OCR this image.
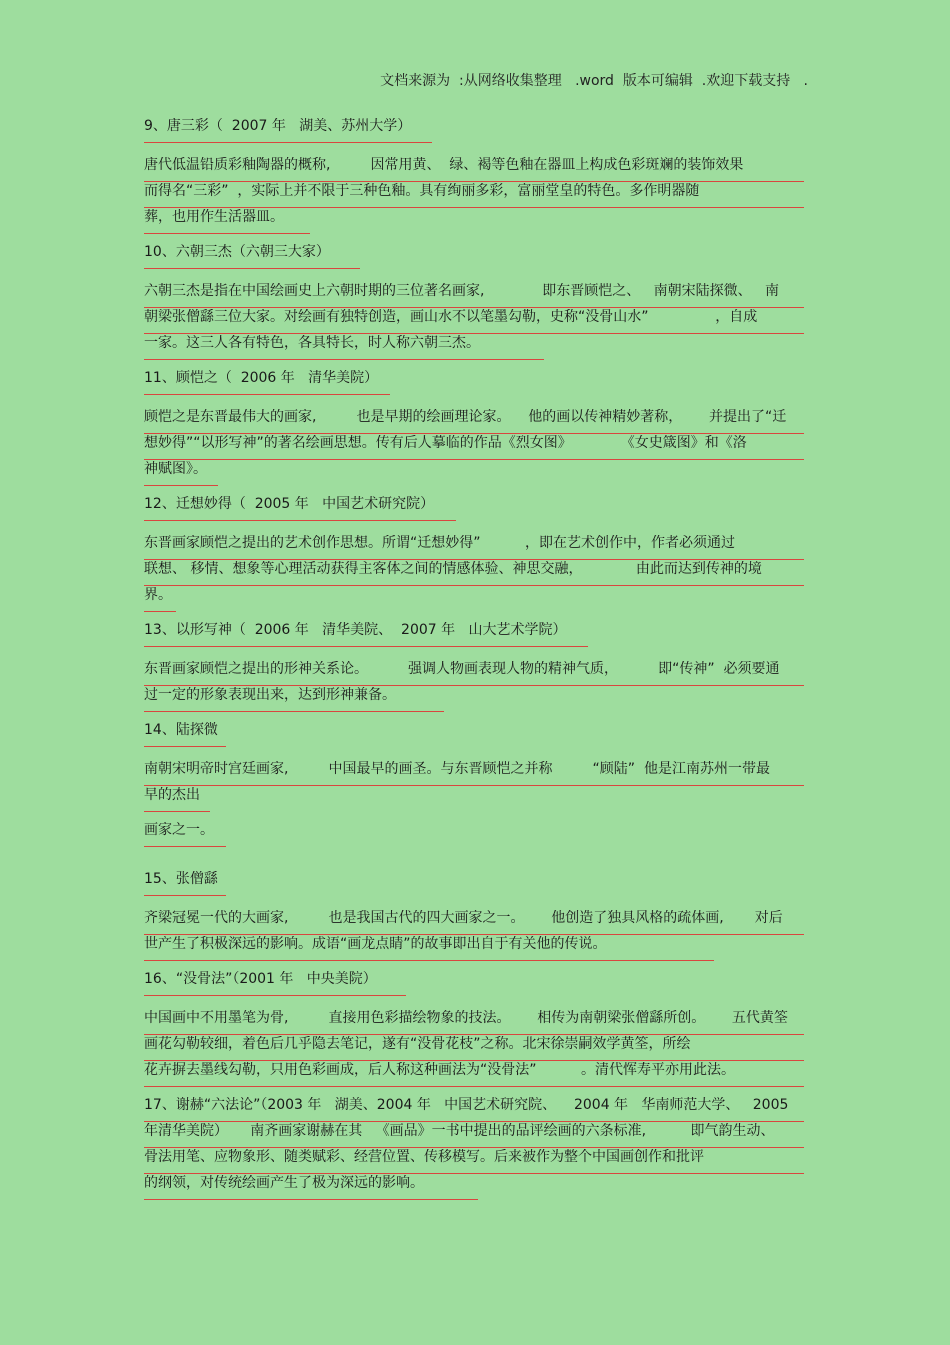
文档来源为  :从网络收集整理   .word  版本可编辑  .欢迎下载支持   .
9、唐三彩（  2007 年   湖美、苏州大学）

唐代低温铅质彩釉陶器的概称,         因常用黄、  绿、褐等色釉在器皿上构成色彩斑斓的装饰效果
而得名“三彩”  ，实际上并不限于三种色釉。具有绚丽多彩，富丽堂皇的特色。多作明器随
葬，也用作生活器皿。
10、六朝三杰（六朝三大家）

六朝三杰是指在中国绘画史上六朝时期的三位著名画家,             即东晋顾恺之、   南朝宋陆探微、   南
朝梁张僧繇三位大家。对绘画有独特创造，画山水不以笔墨勾勒，史称“没骨山水”               ，自成
一家。这三人各有特色，各具特长，时人称六朝三杰。
11、顾恺之（  2006 年   清华美院）

顾恺之是东晋最伟大的画家,         也是早期的绘画理论家。    他的画以传神精妙著称，      并提出了“迁
想妙得”“以形写神”的著名绘画思想。传有后人摹临的作品《烈女图》           《女史箴图》和《洛
神赋图》。
12、迁想妙得（  2005 年   中国艺术研究院）

东晋画家顾恺之提出的艺术创作思想。所谓“迁想妙得”          ，即在艺术创作中，作者必须通过
联想、 移情、想象等心理活动获得主客体之间的情感体验、神思交融，            由此而达到传神的境
界。
13、以形写神（  2006 年   清华美院、  2007 年   山大艺术学院）

东晋画家顾恺之提出的形神关系论。         强调人物画表现人物的精神气质，         即“传神”  必须要通
过一定的形象表现出来，达到形神兼备。
14、陆探微

南朝宋明帝时宫廷画家,         中国最早的画圣。与东晋顾恺之并称         “顾陆”  他是江南苏州一带最
早的杰出
画家之一。

15、张僧繇

齐梁冠冕一代的大画家,         也是我国古代的四大画家之一。      他创造了独具风格的疏体画,       对后
世产生了积极深远的影响。成语“画龙点睛”的故事即出自于有关他的传说。
16、“没骨法”（2001 年   中央美院）

中国画中不用墨笔为骨,         直接用色彩描绘物象的技法。      相传为南朝梁张僧繇所创。      五代黄筌
画花勾勒较细，着色后几乎隐去笔记，遂有“没骨花枝”之称。北宋徐崇嗣效学黄筌，所绘
花卉摒去墨线勾勒，只用色彩画成，后人称这种画法为“没骨法”          。清代恽寿平亦用此法。
17、谢赫“六法论”（2003 年   湖美、2004 年   中国艺术研究院、    2004 年   华南师范大学、   2005
年清华美院）     南齐画家谢赫在其   《画品》一书中提出的品评绘画的六条标准,          即气韵生动、
骨法用笔、应物象形、随类赋彩、经营位置、传移模写。后来被作为整个中国画创作和批评
的纲领，对传统绘画产生了极为深远的影响。
